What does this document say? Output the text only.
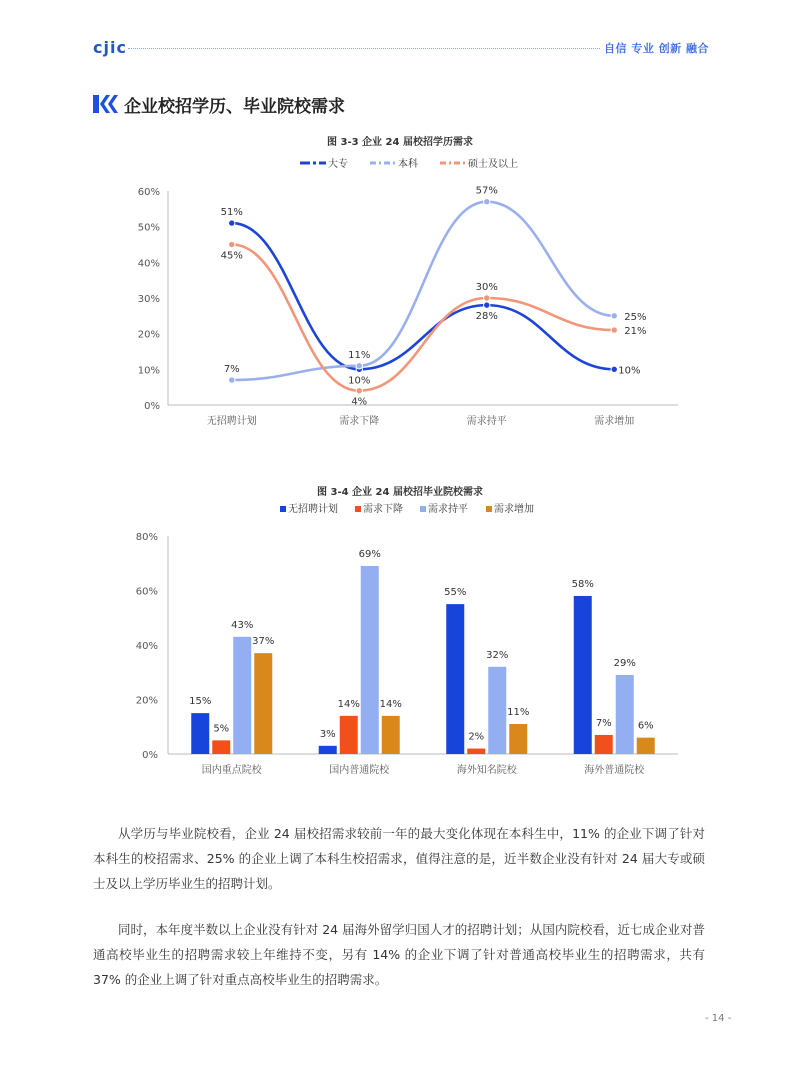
cjic	自信 专业 创新 融合
企业校招学历、毕业院校需求
图 3-3 企业 24 届校招学历需求
0%
10%
20%
30%
40%
50%
60%
无招聘计划	需求下降	需求持平	需求增加
大专	本科	硕士及以上
51%
10%
28%
10%
7%
11%
57%
25%
45%
4%
30%
21%
图 3-4 企业 24 届校招毕业院校需求
0%
20%
40%
60%
80%
国内重点院校	国内普通院校	海外知名院校	海外普通院校
无招聘计划	需求下降	需求持平	需求增加
15%
5%
43%
37%
3%
14%
69%
14%
55%
2%
32%
11%
58%
7%
29%
6%
从学历与毕业院校看，企业 24 届校招需求较前一年的最大变化体现在本科生中，11% 的企业下调了针对本科生的校招需求、25% 的企业上调了本科生校招需求，值得注意的是，近半数企业没有针对 24 届大专或硕士及以上学历毕业生的招聘计划。
同时，本年度半数以上企业没有针对 24 届海外留学归国人才的招聘计划；从国内院校看，近七成企业对普通高校毕业生的招聘需求较上年维持不变，另有 14% 的企业下调了针对普通高校毕业生的招聘需求，共有 37% 的企业上调了针对重点高校毕业生的招聘需求。
- 14 -
